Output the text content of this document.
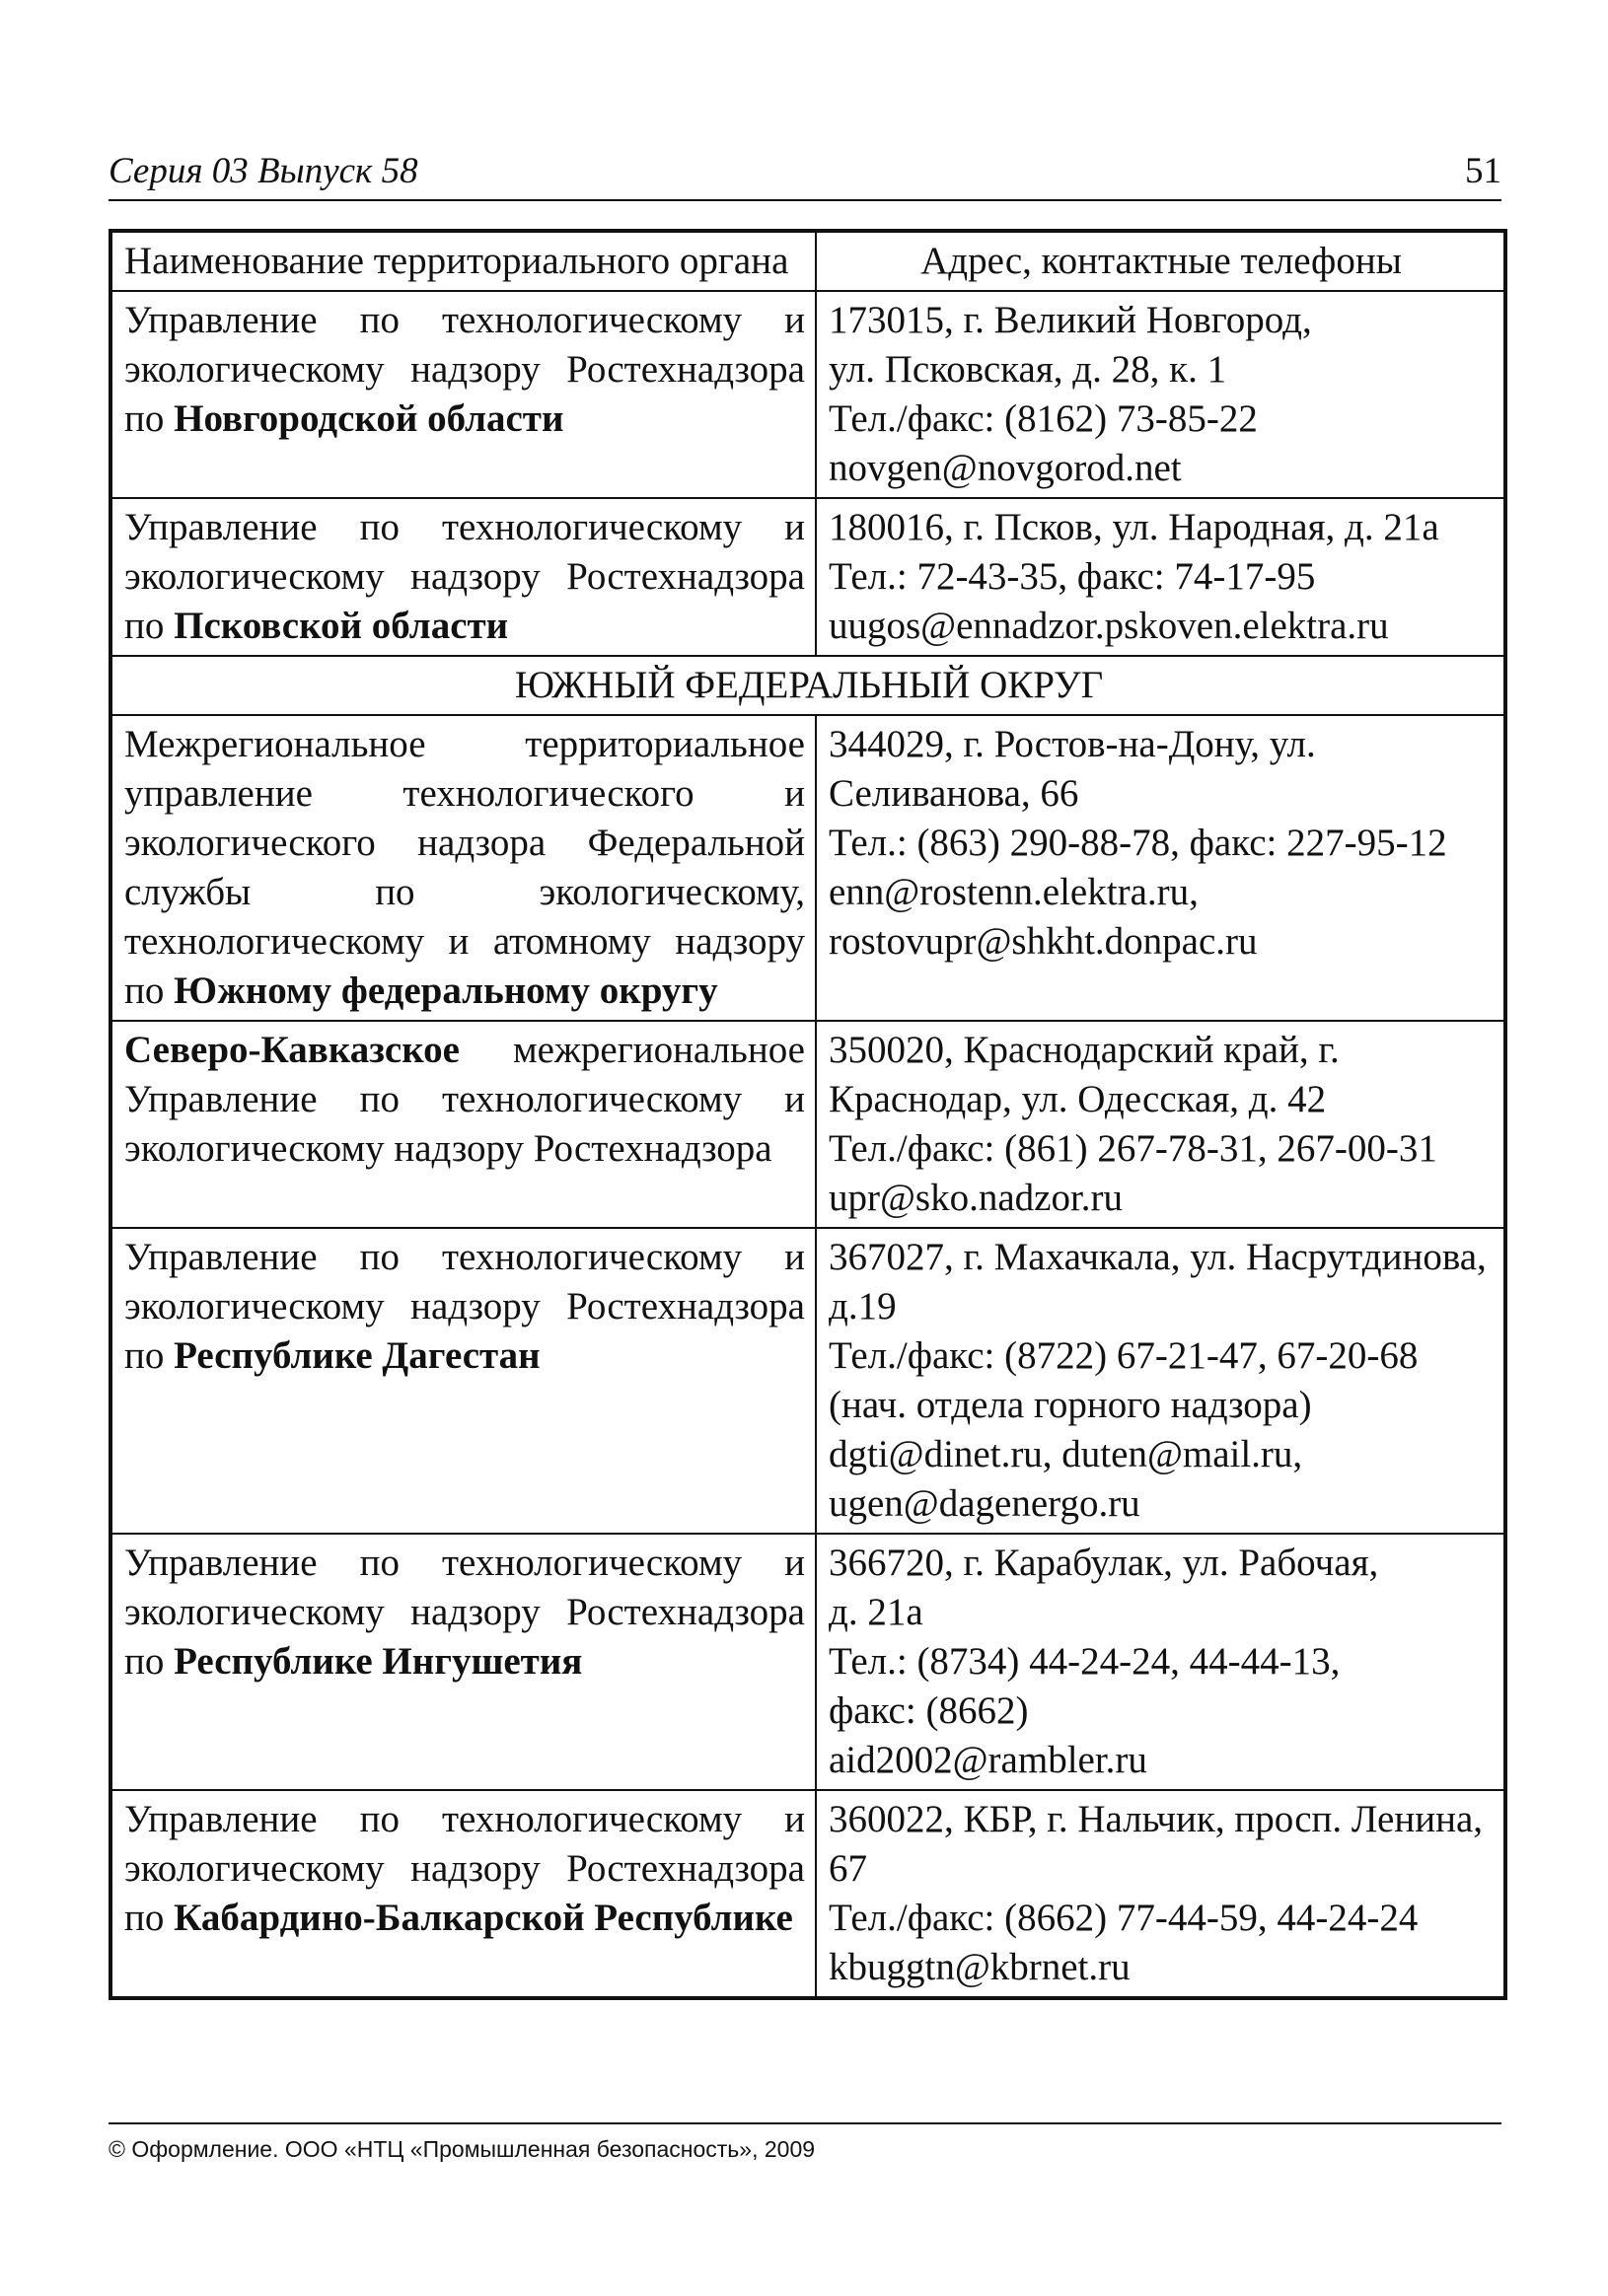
Серия 03 Выпуск 58	51
Наименование территориального органа	Адрес, контактные телефоны
Управление по технологическому и экологическому надзору Ростехнадзора по Новгородской области	173015, г. Великий Новгород,
ул. Псковская, д. 28, к. 1
Тел./факс: (8162) 73-85-22
novgen@novgorod.net

Управление по технологическому и экологическому надзору Ростехнадзора по Псковской области	180016, г. Псков, ул. Народная, д. 21а
Тел.: 72-43-35, факс: 74-17-95
uugos@ennadzor.pskoven.elektra.ru

ЮЖНЫЙ ФЕДЕРАЛЬНЫЙ ОКРУГ	
Межрегиональное территориальное управление технологического и экологического надзора Федеральной службы по экологическому, технологическому и атомному надзору по Южному федеральному округу	344029, г. Ростов-на-Дону, ул. Селиванова, 66
Тел.: (863) 290-88-78, факс: 227-95-12
enn@rostenn.elektra.ru,
rostovupr@shkht.donpac.ru

Северо-Кавказское межрегиональное Управление по технологическому и экологическому надзору Ростехнадзора	350020, Краснодарский край, г. Краснодар, ул. Одесская, д. 42
Тел./факс: (861) 267-78-31, 267-00-31
upr@sko.nadzor.ru

Управление по технологическому и экологическому надзору Ростехнадзора по Республике Дагестан	367027, г. Махачкала, ул. Насрутдинова, д.19
Тел./факс: (8722) 67-21-47, 67-20-68
(нач. отдела горного надзора)
dgti@dinet.ru, duten@mail.ru,
ugen@dagenergo.ru

Управление по технологическому и экологическому надзору Ростехнадзора по Республике Ингушетия	366720, г. Карабулак, ул. Рабочая,
д. 21а
Тел.: (8734) 44-24-24, 44-44-13,
факс: (8662)
aid2002@rambler.ru

Управление по технологическому и экологическому надзору Ростехнадзора по Кабардино-Балкарской Республике	360022, КБР, г. Нальчик, просп. Ленина, 67
Тел./факс: (8662) 77-44-59, 44-24-24
kbuggtn@kbrnet.ru
© Оформление. ООО «НТЦ «Промышленная безопасность», 2009
